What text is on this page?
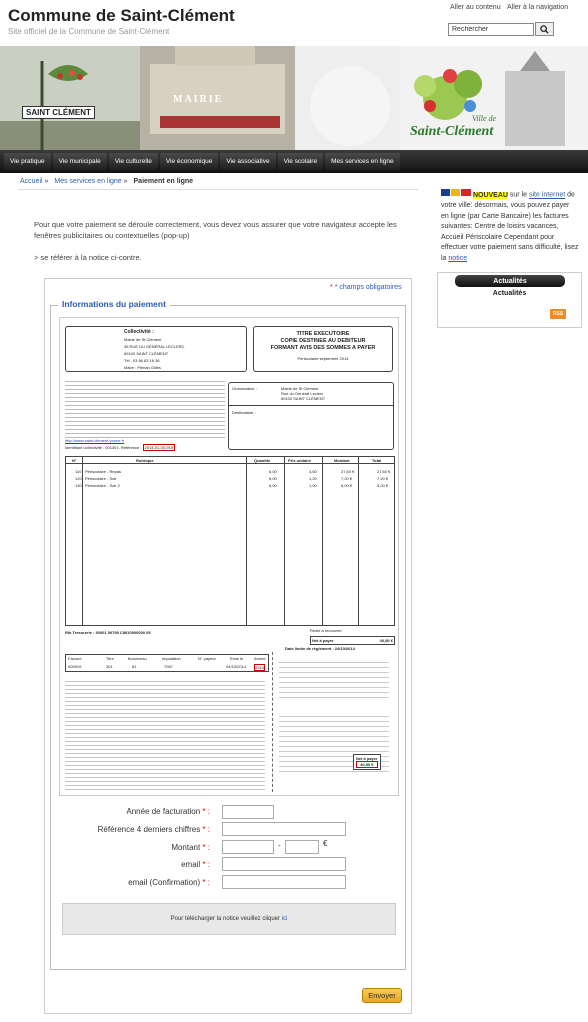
Commune de Saint-Clément
Site officiel de la Commune de Saint-Clément
Aller au contenu Aller à la navigation
Rechercher
SAINT CLÉMENT
MAIRIE
Ville de
Saint-Clément
Vie pratique	Vie municipale	Vie culturelle	Vie économique	Vie associative	Vie scolaire	Mes services en ligne
Accueil » Mes services en ligne » Paiement en ligne
Pour que votre paiement se déroule correctement, vous devez vous assurer que votre navigateur accepte les fenêtres publicitaires ou contextuelles (pop-up)
> se référer à la notice ci-contre.
* * champs obligatoires
Informations du paiement
Collectivité :
Mairie de St Clément
36 RUE DU GÉNÉRAL LECLERC
89100 SAINT CLÉMENT
Tél : 03 86 83 16 36
Maire : Pitman Gilles
TITRE EXECUTOIRE
COPIE DESTINEE AU DEBITEUR
FORMANT AVIS DES SOMMES A PAYER
Périscolaire septembre 2014
http://www.saint-clement-yonne.fr
Identifiant collectivité : 001301, Référence : 2014-01-00-919
Ordonnateur :	Mairie de St Clément
Rue du Général Leclerc
89100 SAINT CLÉMENT
Destinataire :
N°	Rubrique	Quantité	Prix unitaire	Montant	Total
110 Périscolaire - Repas	6,00	4,60	27,60 €	27,60 €
120 Périscolaire - Soir	6,00	1,20	7,20 €	7,20 €
130 Périscolaire - Soir 2	6,00	1,00	6,00 €	6,00 €
Reste à recouvrer
Rib Tresorerie : 30001 00798 C8910000000 05
Net à payer	40,80 €
Date limite de règlement : 24/10/2014
Facture	Titre	Bordereau	Imputation	N° payeur	Emis le	Année
000919	301	81	7067	04/10/2014 2014
Net à payer
40,80 €
Année de facturation * :
Référence 4 derniers chiffres * :
Montant * :	-	€
email * :
email (Confirmation) * :
Pour télécharger la notice veuillez cliquer
ici
Envoyer
NOUVEAU sur le site internet de votre ville: désormais, vous pouvez payer en ligne (par Carte Bancaire) les factures suivantes: Centre de loisirs vacances, Accueil Périscolaire Cependant pour effectuer votre paiement sans difficulté, lisez la notice
Actualités
Actualités
RSS
